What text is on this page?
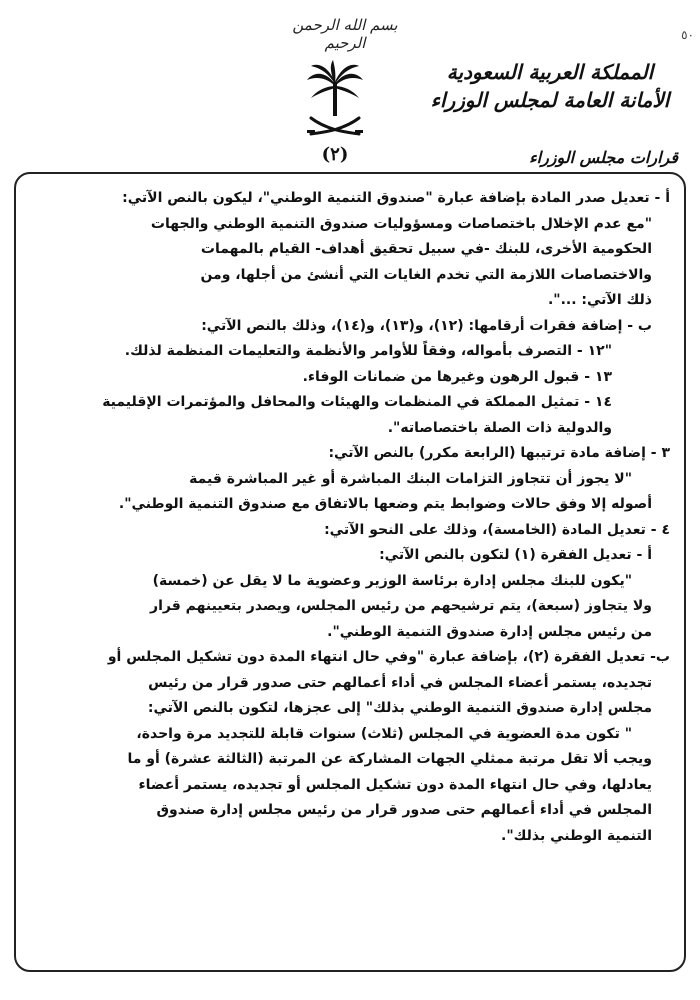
٥٠
بسم الله الرحمن الرحيم
(٢)
المملكة العربية السعودية
الأمانة العامة لمجلس الوزراء
قرارات مجلس الوزراء
أ - تعديل صدر المادة بإضافة عبارة "صندوق التنمية الوطني"، ليكون بالنص الآتي:
"مع عدم الإخلال باختصاصات ومسؤوليات صندوق التنمية الوطني والجهات
الحكومية الأخرى، للبنك -في سبيل تحقيق أهداف- القيام بالمهمات
والاختصاصات اللازمة التي تخدم الغايات التي أنشئ من أجلها، ومن
ذلك الآتي: ...".
ب - إضافة فقرات أرقامها: (١٢)، و(١٣)، و(١٤)، وذلك بالنص الآتي:
"١٢ - التصرف بأمواله، وفقاً للأوامر والأنظمة والتعليمات المنظمة لذلك.
١٣ - قبول الرهون وغيرها من ضمانات الوفاء.
١٤ - تمثيل المملكة في المنظمات والهيئات والمحافل والمؤتمرات الإقليمية
والدولية ذات الصلة باختصاصاته".
٣ - إضافة مادة ترتيبها (الرابعة مكرر) بالنص الآتي:
"لا يجوز أن تتجاوز التزامات البنك المباشرة أو غير المباشرة قيمة
أصوله إلا وفق حالات وضوابط يتم وضعها بالاتفاق مع صندوق التنمية الوطني".
٤ - تعديل المادة (الخامسة)، وذلك على النحو الآتي:
أ - تعديل الفقرة (١) لتكون بالنص الآتي:
"يكون للبنك مجلس إدارة برئاسة الوزير وعضوية ما لا يقل عن (خمسة)
ولا يتجاوز (سبعة)، يتم ترشيحهم من رئيس المجلس، ويصدر بتعيينهم قرار
من رئيس مجلس إدارة صندوق التنمية الوطني".
ب- تعديل الفقرة (٢)، بإضافة عبارة "وفي حال انتهاء المدة دون تشكيل المجلس أو
تجديده، يستمر أعضاء المجلس في أداء أعمالهم حتى صدور قرار من رئيس
مجلس إدارة صندوق التنمية الوطني بذلك" إلى عجزها، لتكون بالنص الآتي:
" تكون مدة العضوية في المجلس (ثلاث) سنوات قابلة للتجديد مرة واحدة،
ويجب ألا تقل مرتبة ممثلي الجهات المشاركة عن المرتبة (الثالثة عشرة) أو ما
يعادلها، وفي حال انتهاء المدة دون تشكيل المجلس أو تجديده، يستمر أعضاء
المجلس في أداء أعمالهم حتى صدور قرار من رئيس مجلس إدارة صندوق
التنمية الوطني بذلك".
